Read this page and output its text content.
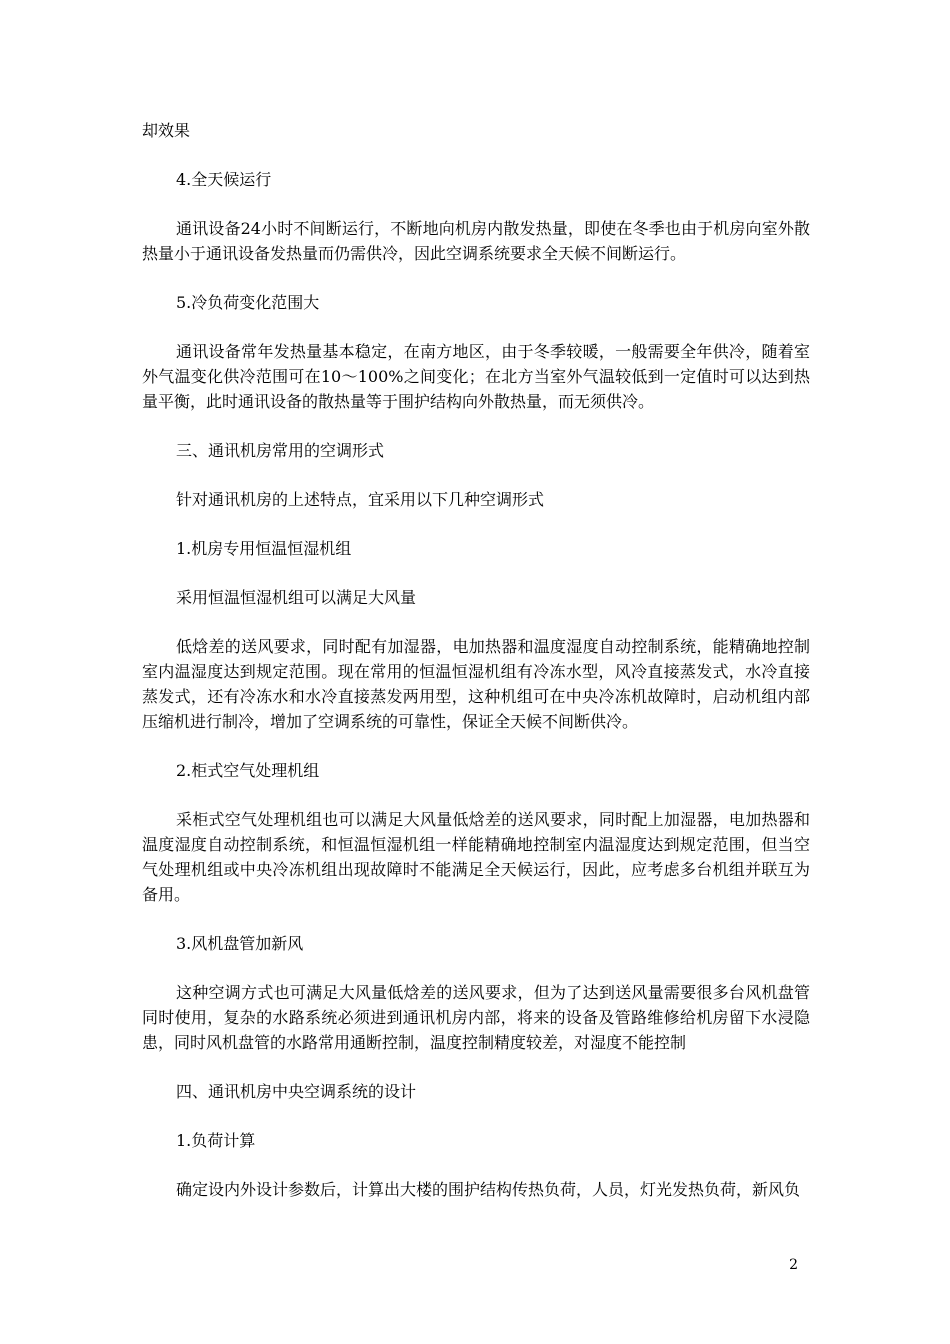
却效果

4.全天候运行

通讯设备24小时不间断运行，不断地向机房内散发热量，即使在冬季也由于机房向室外散热量小于通讯设备发热量而仍需供冷，因此空调系统要求全天候不间断运行。

5.冷负荷变化范围大

通讯设备常年发热量基本稳定，在南方地区，由于冬季较暖，一般需要全年供冷，随着室外气温变化供冷范围可在10～100%之间变化；在北方当室外气温较低到一定值时可以达到热量平衡，此时通讯设备的散热量等于围护结构向外散热量，而无须供冷。

三、通讯机房常用的空调形式

针对通讯机房的上述特点，宜采用以下几种空调形式

1.机房专用恒温恒湿机组

采用恒温恒湿机组可以满足大风量

低焓差的送风要求，同时配有加湿器，电加热器和温度湿度自动控制系统，能精确地控制室内温湿度达到规定范围。现在常用的恒温恒湿机组有冷冻水型，风冷直接蒸发式，水冷直接蒸发式，还有冷冻水和水冷直接蒸发两用型，这种机组可在中央冷冻机故障时，启动机组内部压缩机进行制冷，增加了空调系统的可靠性，保证全天候不间断供冷。

2.柜式空气处理机组

采柜式空气处理机组也可以满足大风量低焓差的送风要求，同时配上加湿器，电加热器和温度湿度自动控制系统，和恒温恒湿机组一样能精确地控制室内温湿度达到规定范围，但当空气处理机组或中央冷冻机组出现故障时不能满足全天候运行，因此，应考虑多台机组并联互为备用。

3.风机盘管加新风

这种空调方式也可满足大风量低焓差的送风要求，但为了达到送风量需要很多台风机盘管同时使用，复杂的水路系统必须进到通讯机房内部，将来的设备及管路维修给机房留下水浸隐患，同时风机盘管的水路常用通断控制，温度控制精度较差，对湿度不能控制

四、通讯机房中央空调系统的设计

1.负荷计算

确定设内外设计参数后，计算出大楼的围护结构传热负荷，人员，灯光发热负荷，新风负

2
